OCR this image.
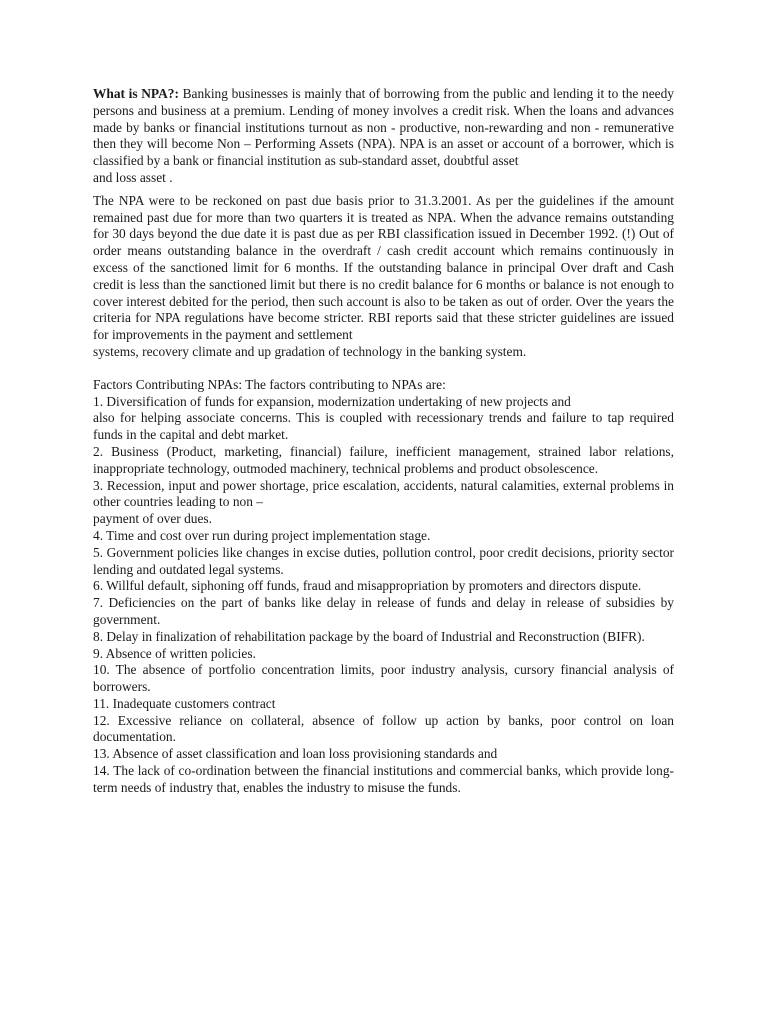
What is NPA?: Banking businesses is mainly that of borrowing from the public and lending it to the needy persons and business at a premium. Lending of money involves a credit risk. When the loans and advances made by banks or financial institutions turnout as non - productive, non-rewarding and non - remunerative then they will become Non – Performing Assets (NPA). NPA is an asset or account of a borrower, which is classified by a bank or financial institution as sub-standard asset, doubtful asset

and loss asset .

The NPA were to be reckoned on past due basis prior to 31.3.2001. As per the guidelines if the amount remained past due for more than two quarters it is treated as NPA. When the advance remains outstanding for 30 days beyond the due date it is past due as per RBI classification issued in December 1992. (!) Out of order means outstanding balance in the overdraft / cash credit account which remains continuously in excess of the sanctioned limit for 6 months. If the outstanding balance in principal Over draft and Cash credit is less than the sanctioned limit but there is no credit balance for 6 months or balance is not enough to cover interest debited for the period, then such account is also to be taken as out of order. Over the years the criteria for NPA regulations have become stricter. RBI reports said that these stricter guidelines are issued for improvements in the payment and settlement

systems, recovery climate and up gradation of technology in the banking system.

Factors Contributing NPAs: The factors contributing to NPAs are:

1. Diversification of funds for expansion, modernization undertaking of new projects and

also for helping associate concerns. This is coupled with recessionary trends and failure to tap required funds in the capital and debt market.

2. Business (Product, marketing, financial) failure, inefficient management, strained labor relations, inappropriate technology, outmoded machinery, technical problems and product obsolescence.

3. Recession, input and power shortage, price escalation, accidents, natural calamities, external problems in other countries leading to non –

payment of over dues.

4. Time and cost over run during project implementation stage.

5. Government policies like changes in excise duties, pollution control, poor credit decisions, priority sector lending and outdated legal systems.

6. Willful default, siphoning off funds, fraud and misappropriation by promoters and directors dispute.

7. Deficiencies on the part of banks like delay in release of funds and delay in release of subsidies by government.

8. Delay in finalization of rehabilitation package by the board of Industrial and Reconstruction (BIFR).

9. Absence of written policies.

10. The absence of portfolio concentration limits, poor industry analysis, cursory financial analysis of borrowers.

11. Inadequate customers contract

12. Excessive reliance on collateral, absence of follow up action by banks, poor control on loan documentation.

13. Absence of asset classification and loan loss provisioning standards and

14. The lack of co-ordination between the financial institutions and commercial banks, which provide long-term needs of industry that, enables the industry to misuse the funds.
